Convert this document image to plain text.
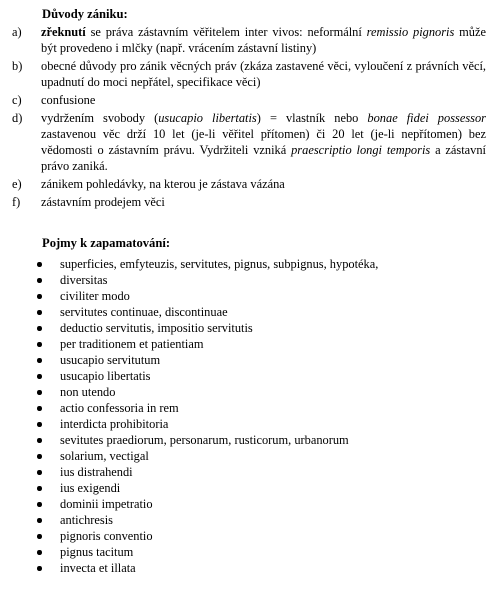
Důvody zániku:
a) zřeknutí se práva zástavním věřitelem inter vivos: neformální remissio pignoris může být provedeno i mlčky (např. vrácením zástavní listiny)
b) obecné důvody pro zánik věcných práv (zkáza zastavené věci, vyloučení z právních věcí, upadnutí do moci nepřátel, specifikace věci)
c) confusione
d) vydržením svobody (usucapio libertatis) = vlastník nebo bonae fidei possessor zastavenou věc drží 10 let (je-li věřitel přítomen) či 20 let (je-li nepřítomen) bez vědomosti o zástavním právu. Vydržiteli vzniká praescriptio longi temporis a zástavní právo zaniká.
e) zánikem pohledávky, na kterou je zástava vázána
f) zástavním prodejem věci
Pojmy k zapamatování:
superficies, emfyteuzis, servitutes, pignus, subpignus, hypotéka,
diversitas
civiliter modo
servitutes continuae, discontinuae
deductio servitutis, impositio servitutis
per traditionem et patientiam
usucapio servitutum
usucapio libertatis
non utendo
actio confessoria in rem
interdicta prohibitoria
sevitutes praediorum, personarum, rusticorum, urbanorum
solarium, vectigal
ius distrahendi
ius exigendi
dominii impetratio
antichresis
pignoris conventio
pignus tacitum
invecta et illata
